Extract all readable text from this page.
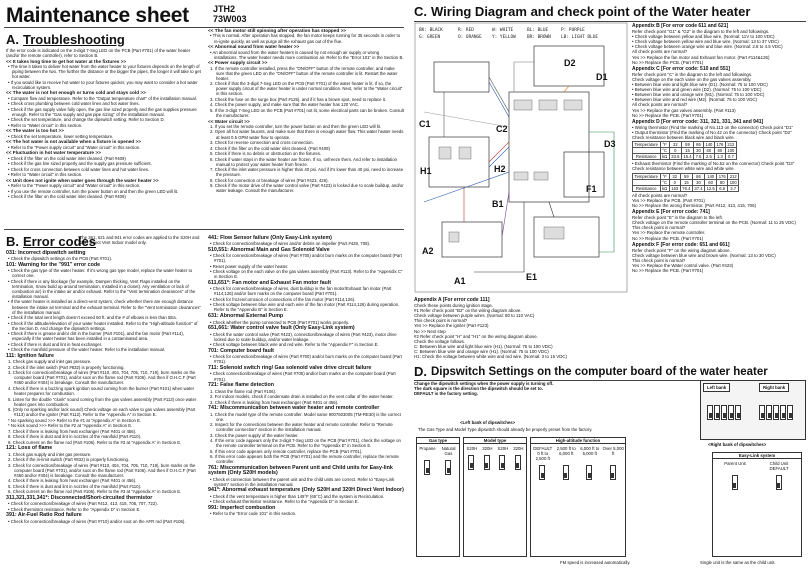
Maintenance sheet	JTH2
73W003
A. Troubleshooting

If the error code is indicated on the 3-digit 7-Seg LED on the PCB (Part #701) of the water heater (and/or the remote controller), refer to Section B.

<< It takes long time to get hot water at the fixtures >>

• The time it takes to deliver hot water from the water heater to your fixtures depends on the length of piping between the two. The further the distance or the bigger the pipes, the longer it will take to get hot water.

• If you would like to receive hot water to your fixtures quicker, you may want to consider a hot water recirculation system.

<< The water is not hot enough or turns cold and stays cold >>

• Compare flow and temperature. Refer to the "Output temperature chart" of the installation manual.

• Check cross plumbing between cold water lines and hot water lines.

• Check if the gas supply valve fully open, the gas line sized properly and the gas supplies pressure enough. Refer to the "Gas supply and gas pipe sizing" of the installation manual.

• Check the set temperature, and change the dipswitch setting. Refer to Section D.

• Refer to "Water circuit" in this section.

<< The water is too hot >>

• Check the set temperature, lower setting temperature.

<< The hot water is not available when a fixture is opened >>

• Refer to the "Power supply circuit" and "Water circuit" in this section.

<< Fluctuation in hot water temperature >>

• Check if the filter on the cold water inlet cleaned. (Part #409)

• Check if the gas line sized properly and the supply gas pressure sufficient.

• Check for cross connection between cold water lines and hot water lines.

• Refer to "Water circuit" in this section.

<< Unit does not ignite when water goes through the water heater >>

• Refer to the "Power supply circuit" and "Water circuit" in this section.

• If you use the remote controller, turn the power button on and then the green LED will lit.

• Check if the filter on the cold water inlet cleaned. (Part #409)

<< The fan motor still spinning after operation has stopped >>

• This is normal. After operation has stopped, the fan motor keeps running for 35 seconds in order to re-ignite quickly, as well as purge all the exhaust gas out of the flue.

<< Abnormal sound from water heater >>

• An abnormal sound from the water heaters is caused by not enough air supply or wrong installations. The water heater needs more combustion air. Refer to the "Error 101" in the Section B.

<< Power supply circuit >>

1. If the remote controller installed, press the "ON/OFF" button of the remote controller, and make sure that the green LED on the "ON/OFF" button of the remote controller is lit. Restart the water heater.

2. Check if that the 3-digit 7-Seg LED on the PCB (Part #701) of the water heater is lit. If so, the power supply circuit of the water heater is under normal condition. Next, refer to the "Water circuit" in this section.

3. Check the fuse on the surge box (Part #125), and if it has a brown spot, need to replace it.

4. Check the power supply, and make sure that the water heater has 120 VAC.

5. If the 3-digit 7-Seg LED on the PCB (Part #701) not lit, some electrical parts can be broken. Consult the manufacturer.

<< Water circuit >>

1. If you set the remote controller, turn the power button on and then the green LED will lit.

2. Open all hot water faucets, and make sure that there is enough water flow. This water heater needs at least 0.5 GPM water flow to operate.

3. Check for reverse connection and cross connection.

4. Check if the filter on the cold water inlet cleaned. (Part #409)

5. Check if there is no debris or obstruction on the fixtures.

6. Check if water stays in the water heater are frozen. If so, unfreeze them. And refer to installation manual to protect your water heater from freeze.

7. Check if the inlet water pressure is higher than 40 psi. And if it's lower than 40 psi, need to increase the pressure.

8. Check for connection or breakage of wires (Part #423, 426).

9. Check if the motor drive of the water control valve (Part #423) is locked due to scale buildup, and/or water leakage. Consult the manufacturer.

B. Error codes
*The 361, 621 and 941 error codes are applied to the S20H and 320H Direct Vent Indoor model only.

031: Incorrect dipswitch setting

• Check the dipswitch settings on the PCB (Part #701).

101: Warning for the "991" error code

• Check the gas type of the water heater. If it's wrong gas type model, replace the water heater to correct one.

• Check if there is any blockage (for example, Dampen thicking, Vent Flaps installed on the termination, Snow build up around termination, Installed in a closet). Any ventilation or lack of combustion air) in the intake air and/or exhaust. Refer to the "Vent termination clearances" of the installation manual.

• If the water heater is installed as a direct-vent system, check whether there are enough distance between the intake air terminal and the exhaust terminal. Refer to the "Vent termination clearances" of the installation manual.

• Check if the total vent length doesn't exceed 50 ft. and the # of elbows is less than 5Ea.

• Check if the altitude/elevation of your water heater installed. Refer to the "High-altitude function" of the Section D. And change the dipswitch settings.

• Check if there is grease and/or dirt in the burner (Part #101), and the fan motor (Part #114), especially if the water heater has been installed in a contaminated area.

• Check if there is dust and lint in heat exchanger.

• Check the manifold pressure of the water heater. Refer to the installation manual.

111: Ignition failure

1. Check gas supply and inlet gas pressure.

2. Check if the inlet switch (Part #832) is properly functioning.

3. Check for connection/breakage of wires (Part #110, 404, 704, 705, 710, 719), burn marks on the computer board (Part #701), and/or soot on the flame rod (Part #106). And then if O.H.C.F (Part #460 and/or #404) is breakage. Consult the manufacturer.

4. Check if there is a buzzing spark ignition sound coming from the burner (Part #101) when water heater prepares for combustion.

5. Listen for the double "clunk" sound coming from the gas valves assembly (Part #113) once water heater goes into combustion.

6. (Only no sparking and/or lack sound) Check voltage on each valve to gas valves assembly (Part #113) and/or the igniter (Part #112). Refer to the "Appendix A" in Section E.

* No sparking sound >>> Refer to the #1 at "Appendix A" in Section E.

* No kick sound >>> Refer to the #2 at "Appendix A" in Section E.

7. Check if there is leaking from heat exchanger (Part #401 or 456).

8. Check if there is dust and lint in nozzles of the manifold (Part #110).

9. Check current on the flame rod (Part #106). Refer to the #3 at "Appendix A" in Section E.

121: Loss of flame

1. Check gas supply and inlet gas pressure.

2. Check if the in-limit switch (Part #832) is properly functioning.

3. Check for connection/breakage of wires (Part #110, 404, 704, 705, 710, 719), burn marks on the computer board (Part #701), and/or soot on the flame rod (Part #106). And then if O.H.C.F (Part #460 and/or #404) is breakage. Consult the manufacturer.

4. Check if there is leaking from heat exchanger (Part #401 or 456).

5. Check if there is dust and lint in nozzles of the manifold (Part #110).

6. Check current on the flame rod (Part #106). Refer to the #3 at "Appendix A" in Section E.

311,321,331,341*: Disconnected/Short-circuited thermistor

• Check for connection/breakage of wires (Part #412, 413, 415, 705, 707, 722).

• Check thermistor resistance. Refer to the "Appendix D" in Section E.

391: Air-Fuel Ratio Rod failure

• Check for connection/breakage of wires (Part #710) and/or soot on the AFR rod (Part #106).

441: Flow Sensor failure (Only Easy-Link system)

• Check for connection/breakage of wires and/or debris on impeller (Part #429, 708).

510,551: Abnormal Main and Gas Solenoid Valve

• Check for connection/breakage of wires (Part #705) and/or burn marks on the computer board (Part #701).

• Reset power supply of the water heater.

• Check voltage on the each valve on the gas valves assembly (Part #113). Refer to the "Appendix C" in Section E.

611,651*: Fan motor and Exhaust Fan motor fault

• Check for connection/breakage of wires, dust buildup in the fan motor/Exhaust fan motor (Part #114,126) and/or burn marks on the computer board (Part #701).

• Check for frozen/corrosion of connections of the fan motor (Part #114,126).

• Check voltage between blue wire and each wire of the fan motor (Part #114,126) during operation. Refer to the "Appendix B" in Section E.

631: Abnormal External Pump

• Check whether the pump connected to PCB (Part #701) works properly.

651,661: Water control valve fault (Only Easy-Link system)

• Check the water control valve (Part #423), connection/breakage of wires (Part #423), motor drive locked due to scale buildup, and/or water leakage.

• Check voltage between black wire and red wire. Refer to the "Appendix F" in Section E.

701: Computer board fault

• Check for connection/breakage of wires (Part #700) and/or burn marks on the computer board (Part #701).

711: Solenoid switch ring/ Gas solenoid valve drive circuit failure

• Check connection/breakage of wires (Part #705) and/or burn marks on the computer board (Part #701).

721: False flame detection

1. Clean the flame rod (Part #106).

2. For indoor models, check if condensate drain is installed on the vent collar of the water heater.

3. Check if there is leaking from heat exchanger (Part #401 or 456).

741: Miscommunication between water heater and remote controller

1. Check the model type of the remote controller. Model name 9007603005 (TM-RE30) is the correct one.

2. Inspect for the connections between the water heater and remote controller. Refer to "Remote controller connection" section in the installation manual.

3. Check the power supply of the water heater.

4. If the error code appears only the 3-digit 7-Seg LED on the PCB (Part #701), check the voltage on the remote controller terminal on the PCB. Refer to the "Appendix E" in Section E.

5. If this error code appears only remote controller, replace the PCB (Part #701).

6. If this error code appears both the PCB (Part #701) and the remote controller, replace the remote controller.

761: Miscommunication between Parent unit and Child units for Easy-link system (Only S20H models)

• Check el connection between the parent unit and the child units are correct. Refer to "Easy-Link system" section in the installation manual.

941*: Abnormal exhaust temperature (Only S20H and 320H Direct Vent Indoor)

• Check if the vent temperature is higher than 149°F (65°C) and the system is Recirculation.

• Check exhaust thermistor resistance. Refer to the "Appendix D" in Section E.

991: Imperfect combustion

• Refer to the "Error code 101" in this section.

C. Wiring Diagram and check point of the Water heater
BK: BLACK	R: RED	W: WHITE	BL: BLUE	P: PURPLE
G: GREEN	O: ORANGE Y: YELLOW	BR: BROWN LB: LIGHT BLUE
D1
D2
D3
C1	C2
F1
A1
A2
B1
E1
H1	H2

Appendix A [For error code 111]

Check these points during ignition stage.

#1 Refer check point "B2" on the wiring diagram above.

Check voltage between purple wires. (Normal: 80 to 110 VAC)

This check point is normal?

Yes >> Replace the igniter (Part #123)

No >> Next step

#2 Refer check point "H" and "H1" on the wiring diagram above.

Check the voltage follows.

C: Between blue wire and light blue wire (H1). (Normal: 75 to 100 VDC)

C: Between blue wire and orange wire (H1). (Normal: 75 to 100 VDC)

H1: Check the voltage between white wire and red wire. (Normal: 3 to 15 VDC)

Appendix B [For error code 611 and 621]

Refer check point "G1" & "G2" in the diagram to the left and followings.

• Check voltage between yellow and blue wire. (Normal: 11V to 100 VDC)

• Check voltage between yellow wire and blue wire. (Normal: 13 to 37 VDC)

• Check voltage between orange wire and blue wire. (Normal: 2.8 to 4.5 VDC)

All check points are normal?

Yes >> Replace the fan motor and Exhaust fan motor. (Part #114&126)

No >> Replace the PCB. (Part #701)

Appendix C [For error code: 510 and 551]

Refer check point "C" in the diagram to the left and followings.

Check voltage on the each valve on the gas valves assembly.

• Between blue wire and light blue wire (D1). (Normal: 75 to 100 VDC)

• Between blue wire and green wire (D2). (Normal: 75 to 100 VDC)

• Between blue wire and orange wire (M1). (Normal: 75 to 100 VDC)

• Between blue wire and red wire (M2). (Normal: 75 to 100 VDC)

All check points are normal?

Yes >> Replace the gas valves assembly. (Part #113)

No >> Replace the PCB. (Part #701)

Appendix D [For error code: 311, 321, 331, 341 and 941]

• Wiring thermistor (Find the marking of No.113 on the connector) Check point "D1"

• Output thermistor (Find the marking of No.42 on the connector) Check point "D2"

Check resistance between black wire and black wire.

Temperature	°F	32	59	86	140	176	212
	°C	0	15	30	60	80	100
Resistance	kΩ	33.6	15.4	7.6	2.5	1.3	0.7

• Exhaust thermistor (Find the marking of No.52 on the connector) Check point "D3"

Check resistance between white wire and white wire.

Temperature	°F	32	59	86	140	176	212
	°C	0	15	30	60	80	100
Resistance	kΩ	163	76.4	37.4	12.5	6.6	3.7

All check points are normal?

Yes >> Replace the PCB. (Part #701)

No >> Replace the wrong thermistor. (Part #412, 413, 415, 706)

Appendix E [For error code: 741]

Refer check point "E" in the diagram to the left.

Check voltage on the remote controller terminal on the PCB. (Normal: 11 to 25 VDC)

This check point is normal?

Yes >> Replace the remote controller.

No >> Replace the PCB. (Part #701)

Appendix F [For error code: 651 and 661]

Refer check point "F" on the wiring diagram above.

Check voltage between blue wire and brown wire. (Normal: 13 to 30 VDC)

This check point is normal?

Yes >> Replace the Water control valve. (Part #423)

No >> Replace the PCB. (Part #701)

D. Dipswitch Settings on the computer board of the water heater
Change the dipswitch settings when the power supply is turning off.
The dark square is the direction the dipswitch should be set to.
DEFAULT is the factory setting.
Left bank	Right bank
<Left bank of dipswitches>
The Gas Type and Model Type dipswitch should already be properly preset from the factory.
<Right bank of dipswitches>
Gas type
Propane	Natural Gas
Model type
S20H 320H S20H 320H
High-altitude function
DEFAULT 0 ft to 2,500 ft
2,500 ft to 6,000 ft
6,000 ft to 5,000 ft
Over 5,000 ft	Easy-Link system
Parent Unit	Child Unit DEFAULT
FM speed is increased automatically.	Single unit is the same as the child unit.
